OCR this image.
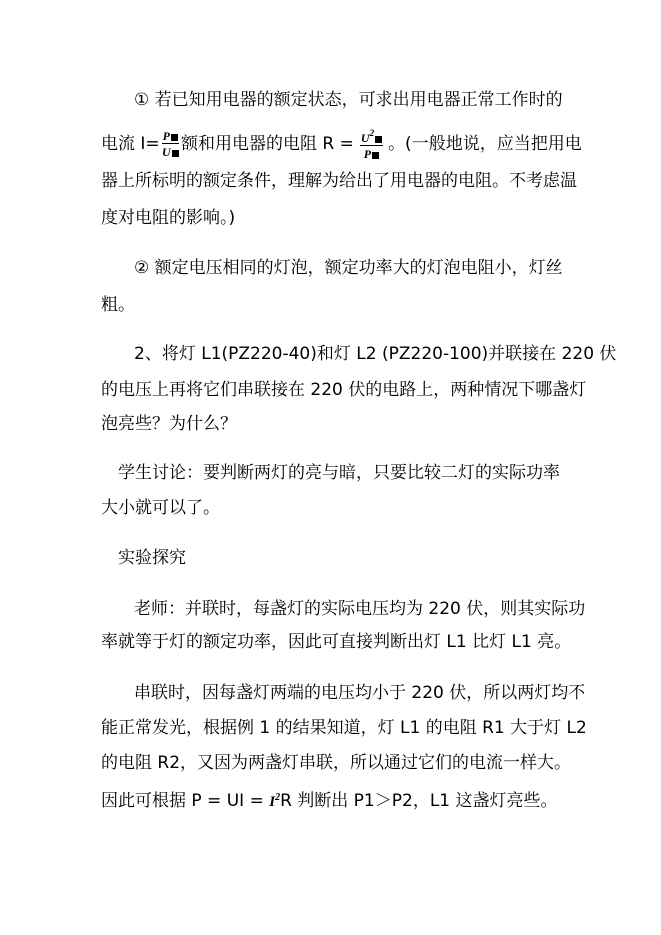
① 若已知用电器的额定状态，可求出用电器正常工作时的
电流 $I= \frac{P}{U}$ 额和用电器的电阻 $R = \frac{U^2}{P}$ 。(一般地说，应当把用电
器上所标明的额定条件，理解为给出了用电器的电阻。不考虑温
度对电阻的影响。)
② 额定电压相同的灯泡，额定功率大的灯泡电阻小，灯丝
粗。
2、将灯 L1(PZ220-40)和灯 L2 (PZ220-100)并联接在 220 伏
的电压上再将它们串联接在 220 伏的电路上，两种情况下哪盏灯
泡亮些？为什么？
学生讨论：要判断两灯的亮与暗，只要比较二灯的实际功率
大小就可以了。
实验探究
老师：并联时，每盏灯的实际电压均为 220 伏，则其实际功
率就等于灯的额定功率，因此可直接判断出灯 L1 比灯 L1 亮。
串联时，因每盏灯两端的电压均小于 220 伏，所以两灯均不
能正常发光，根据例 1 的结果知道，灯 L1 的电阻 R1 大于灯 L2
的电阻 R2，又因为两盏灯串联，所以通过它们的电流一样大。
因此可根据 P = UI = $I^2R$ 判断出 P1＞P2，L1 这盏灯亮些。
